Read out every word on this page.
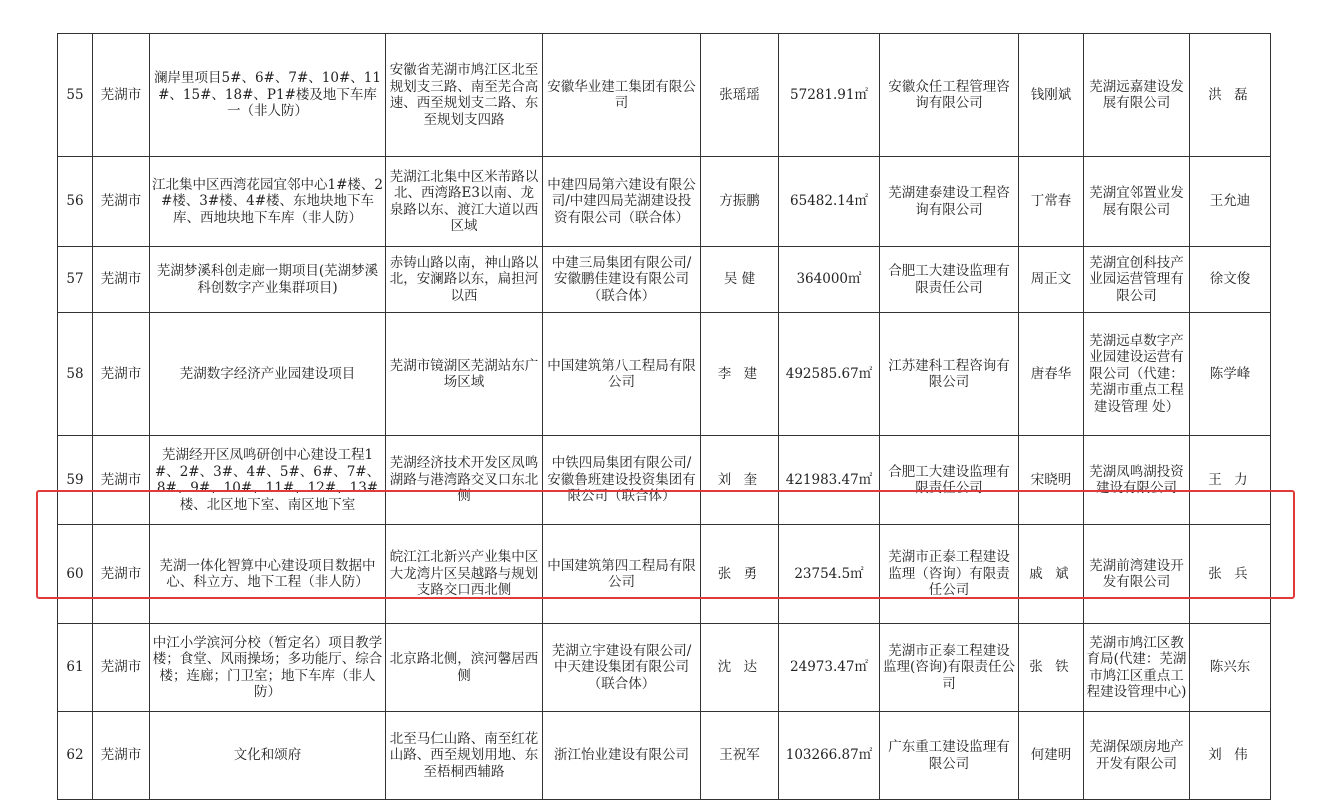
55	芜湖市	澜岸里项目5#、6#、7#、10#、11#、15#、18#、P1#楼及地下车库一（非人防）	安徽省芜湖市鸠江区北至规划支三路、南至芜合高速、西至规划支二路、东至规划支四路	安徽华业建工集团有限公司	张瑶瑶	57281.91㎡	安徽众任工程管理咨询有限公司	钱刚斌	芜湖远嘉建设发展有限公司	洪 磊
56	芜湖市	江北集中区西湾花园宜邻中心1#楼、2#楼、3#楼、4#楼、东地块地下车库、西地块地下车库（非人防）	芜湖江北集中区米芾路以北、西湾路E3以南、龙泉路以东、渡江大道以西区域	中建四局第六建设有限公司/中建四局芜湖建设投资有限公司（联合体）	方振鹏	65482.14㎡	芜湖建泰建设工程咨询有限公司	丁常春	芜湖宜邻置业发展有限公司	王允迪
57	芜湖市	芜湖梦溪科创走廊一期项目(芜湖梦溪科创数字产业集群项目)	赤铸山路以南，神山路以北，安澜路以东，扁担河以西	中建三局集团有限公司/安徽鹏佳建设有限公司（联合体）	吴 健	364000㎡	合肥工大建设监理有限责任公司	周正文	芜湖宜创科技产业园运营管理有限公司	徐文俊
58	芜湖市	芜湖数字经济产业园建设项目	芜湖市镜湖区芜湖站东广场区域	中国建筑第八工程局有限公司	李 建	492585.67㎡	江苏建科工程咨询有限公司	唐春华	芜湖远卓数字产业园建设运营有限公司（代建：芜湖市重点工程建设管理 处）	陈学峰
59	芜湖市	芜湖经开区凤鸣研创中心建设工程1#、2#、3#、4#、5#、6#、7#、8#、9#、10#、11#、12#、13#楼、北区地下室、南区地下室	芜湖经济技术开发区凤鸣湖路与港湾路交叉口东北侧	中铁四局集团有限公司/安徽鲁班建设投资集团有限公司（联合体）	刘 奎	421983.47㎡	合肥工大建设监理有限责任公司	宋晓明	芜湖凤鸣湖投资建设有限公司	王 力
60	芜湖市	芜湖一体化智算中心建设项目数据中心、科立方、地下工程（非人防）	皖江江北新兴产业集中区大龙湾片区吴越路与规划支路交口西北侧	中国建筑第四工程局有限公司	张 勇	23754.5㎡	芜湖市正泰工程建设监理（咨询）有限责任公司	戚 斌	芜湖前湾建设开发有限公司	张 兵
61	芜湖市	中江小学滨河分校（暂定名）项目教学楼；食堂、风雨操场；多功能厅、综合楼；连廊；门卫室；地下车库（非人防）	北京路北侧，滨河馨居西侧	芜湖立宇建设有限公司/中天建设集团有限公司（联合体）	沈 达	24973.47㎡	芜湖市正泰工程建设监理(咨询)有限责任公司	张 铁	芜湖市鸠江区教育局(代建：芜湖市鸠江区重点工程建设管理中心)	陈兴东
62	芜湖市	文化和颂府	北至马仁山路、南至红花山路、西至规划用地、东至梧桐西辅路	浙江怡业建设有限公司	王祝军	103266.87㎡	广东重工建设监理有限公司	何建明	芜湖保颂房地产开发有限公司	刘 伟
